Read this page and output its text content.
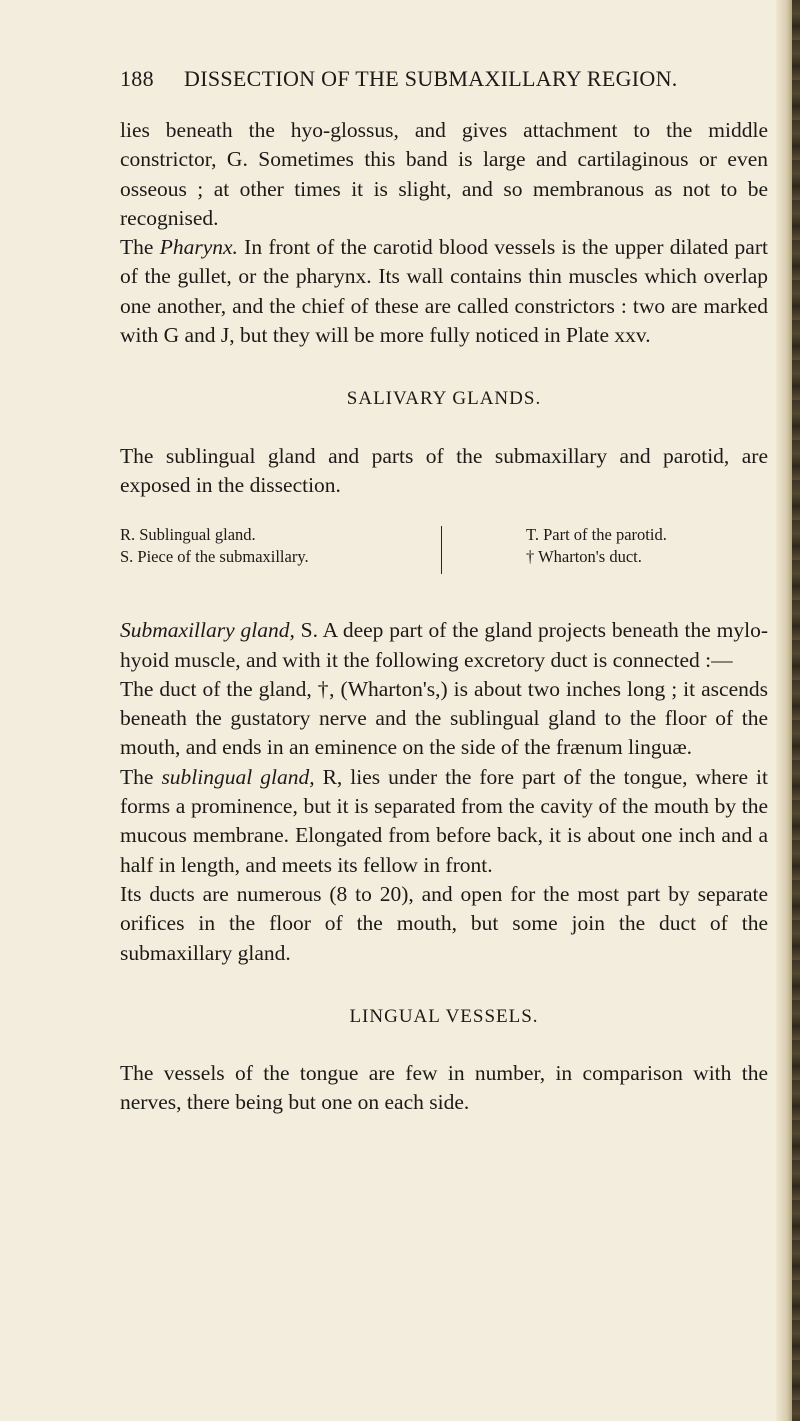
188 DISSECTION OF THE SUBMAXILLARY REGION.

lies beneath the hyo-glossus, and gives attachment to the middle constrictor, G. Sometimes this band is large and cartilaginous or even osseous ; at other times it is slight, and so membranous as not to be recognised.

The Pharynx. In front of the carotid blood vessels is the upper dilated part of the gullet, or the pharynx. Its wall contains thin muscles which overlap one another, and the chief of these are called constrictors : two are marked with G and J, but they will be more fully noticed in Plate xxv.

SALIVARY GLANDS.

The sublingual gland and parts of the submaxillary and parotid, are exposed in the dissection.

R. Sublingual gland.
S. Piece of the submaxillary.
T. Part of the parotid.
† Wharton's duct.

Submaxillary gland, S. A deep part of the gland projects beneath the mylo-hyoid muscle, and with it the following excretory duct is connected :—

The duct of the gland, †, (Wharton's,) is about two inches long ; it ascends beneath the gustatory nerve and the sublingual gland to the floor of the mouth, and ends in an eminence on the side of the frænum linguæ.

The sublingual gland, R, lies under the fore part of the tongue, where it forms a prominence, but it is separated from the cavity of the mouth by the mucous membrane. Elongated from before back, it is about one inch and a half in length, and meets its fellow in front.

Its ducts are numerous (8 to 20), and open for the most part by separate orifices in the floor of the mouth, but some join the duct of the submaxillary gland.

LINGUAL VESSELS.

The vessels of the tongue are few in number, in comparison with the nerves, there being but one on each side.
